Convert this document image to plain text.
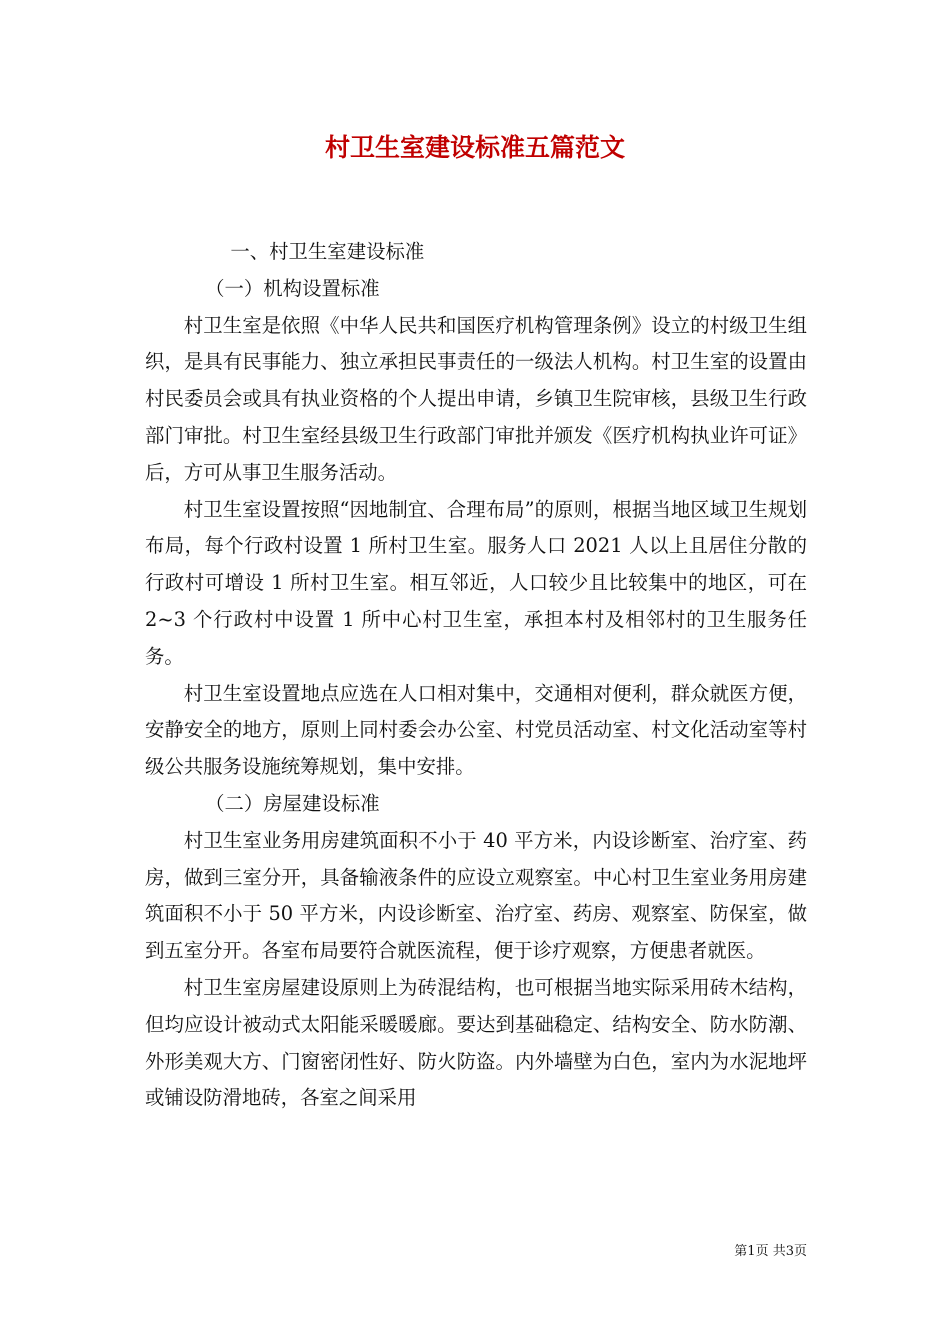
村卫生室建设标准五篇范文

一、村卫生室建设标准

（一）机构设置标准

村卫生室是依照《中华人民共和国医疗机构管理条例》设立的村级卫生组织，是具有民事能力、独立承担民事责任的一级法人机构。村卫生室的设置由村民委员会或具有执业资格的个人提出申请，乡镇卫生院审核，县级卫生行政部门审批。村卫生室经县级卫生行政部门审批并颁发《医疗机构执业许可证》后，方可从事卫生服务活动。

村卫生室设置按照“因地制宜、合理布局”的原则，根据当地区域卫生规划布局，每个行政村设置 1 所村卫生室。服务人口 2021 人以上且居住分散的行政村可增设 1 所村卫生室。相互邻近，人口较少且比较集中的地区，可在 2~3 个行政村中设置 1 所中心村卫生室，承担本村及相邻村的卫生服务任务。

村卫生室设置地点应选在人口相对集中，交通相对便利，群众就医方便，安静安全的地方，原则上同村委会办公室、村党员活动室、村文化活动室等村级公共服务设施统筹规划，集中安排。

（二）房屋建设标准

村卫生室业务用房建筑面积不小于 40 平方米，内设诊断室、治疗室、药房，做到三室分开，具备输液条件的应设立观察室。中心村卫生室业务用房建筑面积不小于 50 平方米，内设诊断室、治疗室、药房、观察室、防保室，做到五室分开。各室布局要符合就医流程，便于诊疗观察，方便患者就医。

村卫生室房屋建设原则上为砖混结构，也可根据当地实际采用砖木结构，但均应设计被动式太阳能采暖暖廊。要达到基础稳定、结构安全、防水防潮、外形美观大方、门窗密闭性好、防火防盗。内外墙壁为白色，室内为水泥地坪或铺设防滑地砖，各室之间采用

第1页 共3页
